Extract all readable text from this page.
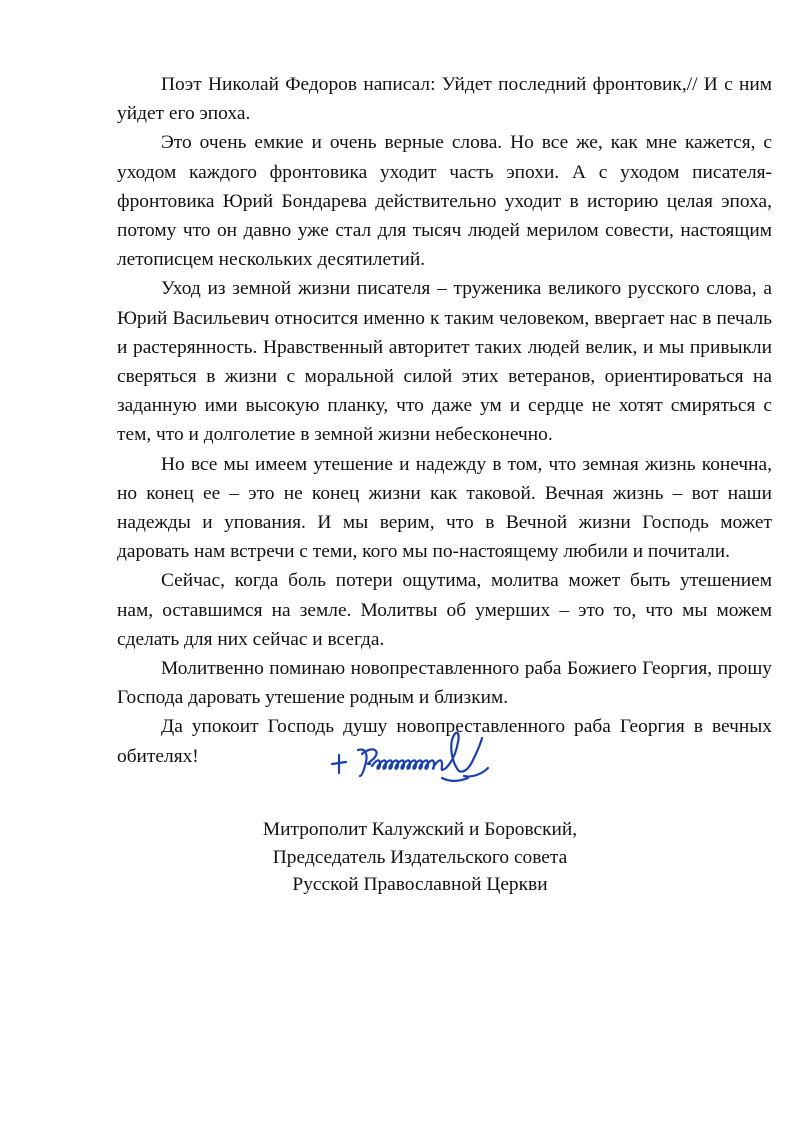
Поэт Николай Федоров написал: Уйдет последний фронтовик,// И с ним уйдет его эпоха.

Это очень емкие и очень верные слова. Но все же, как мне кажется, с уходом каждого фронтовика уходит часть эпохи. А с уходом писателя-фронтовика Юрий Бондарева действительно уходит в историю целая эпоха, потому что он давно уже стал для тысяч людей мерилом совести, настоящим летописцем нескольких десятилетий.

Уход из земной жизни писателя – труженика великого русского слова, а Юрий Васильевич относится именно к таким человеком, ввергает нас в печаль и растерянность. Нравственный авторитет таких людей велик, и мы привыкли сверяться в жизни с моральной силой этих ветеранов, ориентироваться на заданную ими высокую планку, что даже ум и сердце не хотят смиряться с тем, что и долголетие в земной жизни небесконечно.

Но все мы имеем утешение и надежду в том, что земная жизнь конечна, но конец ее – это не конец жизни как таковой. Вечная жизнь – вот наши надежды и упования. И мы верим, что в Вечной жизни Господь может даровать нам встречи с теми, кого мы по-настоящему любили и почитали.

Сейчас, когда боль потери ощутима, молитва может быть утешением нам, оставшимся на земле. Молитвы об умерших – это то, что мы можем сделать для них сейчас и всегда.

Молитвенно поминаю новопреставленного раба Божиего Георгия, прошу Господа даровать утешение родным и близким.

Да упокоит Господь душу новопреставленного раба Георгия в вечных обителях!

Митрополит Калужский и Боровский,
Председатель Издательского совета
Русской Православной Церкви
